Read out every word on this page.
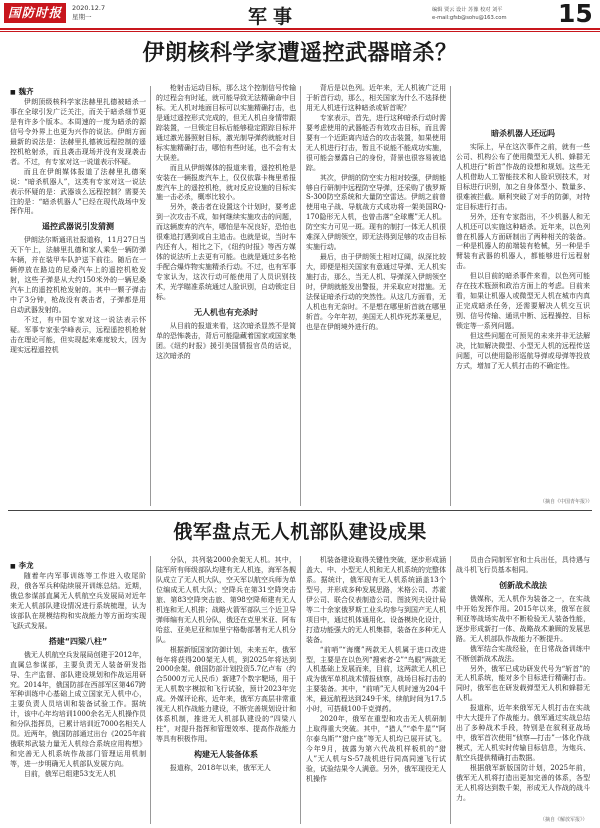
国防时报	2020.12.7
星期一	军事	编辑 贾云 设计 苏豫 校对 刘平
e-mail:gfsb@sohu@163.com	15
伊朗核科学家遭遥控武器暗杀？
■ 魏齐

伊朗顶级核科学家法赫里扎德被暗杀一事在全球引发广泛关注，而关于暗杀细节更是有许多个版本。本周速的一度为暗杀的源信号令外界上也更为兴作的说法。伊朗方面最新的说法是：法赫里扎德被远程控制的遥控机枪射杀，而且袭击现场并没有发现袭击者。不过，有专家对这一说道表示怀疑。

而且在伊朗媒体报道了法赫里扎德案说：“暗杀机器人”，这类有专家对这一说法表示怀疑的是：武器该么远程控制？需要关注的是：“暗杀机器人”已经在现代战场中发挥作用。

遥控武器说引发猜测

伊朗法尔斯通讯社报道称，11月27日当天下午上，法赫里扎德和家人乘坐一辆防弹车辆，并在装甲车队护送下前往。随后在一辆停放在路边的尼桑汽车上的遥控机枪发射，这些子弹是从大约150米外的一辆尼桑汽车上的遥控机枪发射的。其中一颗子弹击中了3分钟，枪战没有袭击者，子弹都是用自动武器发射的。

不过，有中国专家对这一说法表示怀疑。军事专家张学峰表示，远程遥控机枪射击在理论可能，但实现起来难度较大，因为现实远程遥控机

枪射击运动目标，那么这个控制信号传输的过程会有时延，就可能导致无法精确命中目标。无人机对地面目标可以实施精确打击，也是通过遥控形式完成的，但无人机自身情带跟踪装置，一旦锁定目标后能够稳定跟踪目标并通过激光器照射目标，激光制导弹药就能对目标实施精确打击，哪怕有些时延，也不会有太大误差。

而且从伊朗媒体的报道来看，遥控机枪是安装在一辆报废汽车上，仅仅依靠卡梅里希报废汽车上的遥控机枪，就对反应设施的目标实施一击必杀，概率比较小。

另外，袭击者在设置这个计划时，要考虑到一次攻击不成，如何继续实施攻击的问题，而这辆废弃的汽车，哪怕是车况良好，恐怕也很难追打遇到或自主追击。也就是说，当时车内还有人，相比之下，《纽约时报》等西方媒体的说法听上去更有可能。也就是通过多名枪手配合爆炸物实施精杀行动。不过，也有军事专家认为，这次行动可能使用了人员识别技术，光学瞄准系统通过人脸识别，自动锁定目标。

无人机也有充杀时

从目前的报道来看，这次暗杀显然不是简单的恐怖袭击，背后可能隐藏着国家或国家集团。《纽约时报》援引美国情报官员的话说，这次暗杀的

背后是以色列。近年来，无人机被广泛用于斩首行动，那么，相关国家为什么不选择使用无人机进行这种暗杀或斩首呢？

专家表示，首先，进行这种暗杀行动时需要考虑使用的武器能否有效攻击目标，而且需要有一个近距离内适合的攻击装置，如果使用无人机进行打击，暂且不说能不能成功实施，很可能会暴露自己的身份，背景也很容易被追踪。

其次，伊朗的防空实力相对较强，伊朗能够自行研制中远程防空导弹，还采购了俄罗斯S-300防空系统和大量防空雷达。伊朗之前曾使用电子战、导航战方式成功将一架美国RQ-170隐形无人机，也曾击落“全球鹰”无人机。防空实力可见一斑。现有的制打一体无人机很难深入伊朗领空，即无法得到足够的攻击目标实施行动。

最后，由于伊朗领土相对辽阔，纵深比较大，即便是相关国家有意通过导弹、无人机实施打击，那么，当无人机、导弹深入伊朗领空时，伊朗就能发出警报，并采取应对措施。无法保证暗杀行动的突然性。从这几方面看，无人机也有无奈时。不是想在哪里斩首就在哪里斩首。今年年初，美国无人机炸死苏莱曼尼，也是在伊朗境外进行的。

暗杀机器人还远吗

实际上，早在这次事件之前，就有一些公司、机构公布了使用微型无人机、蜂群无人机进行“斩首”作战的设想和规划。这些无人机借助人工智能技术和人脸识别技术，对目标进行识别，加之自身体型小、数量多、很难被拦截。顺利突破了对手的防御，对特定目标进行打击。

另外，还有专家指出，不少机器人和无人机还可以实施这种暗杀。近年来，以色列曾在机器人方面研制出了两种相关的装备。一种是机器人的前端装有枪械，另一种是手臂装有武器的机器人，都能够进行远程射击。

但以目前的暗杀事件来看，以色列可能存在技术瓶颈和政治方面上的考虑。目前来看，如果让机器人或微型无人机在城市内真正完成暗杀任务，还需要解决人机交互识别、信号传输、通讯中断、远程操控、目标锁定等一系列问题。

但这些问题在可预见的未来并非无法解决，比如解决微型、小型无人机的远程传送问题，可以使用隐形巡航导弹或母弹等投放方式，增加了无人机打击的不确定性。

（摘自《中国青年报》）
俄军盘点无人机部队建设成果
■ 李龙

随着年内军事训练等工作进入收尾阶段，俄各军兵种陆续展开训练总结。近期，俄总参谋部直属无人机航空兵发展局对近年来无人机部队建设情况进行系统梳理，认为该部队在规模结构和实战能力等方面均实现飞跃式发展。

搭建“四梁八柱”

俄无人机航空兵发展局创建于2012年，直属总参谋部，主要负责无人装备研发指导、生产监督、部队建设规划和作战运用研究。2014年，俄国防部在西部军区第467跨军种训练中心基础上成立国家无人机中心，主要负责人员培训和装备试验工作。据统计，该中心年均培训1000余名无人机操作员和分队指挥员，已累计培训近7000名相关人员。近两年，俄国防部通过出台《2025年前俄联邦武装力量无人机综合系统应用构想》和完善无人机系统作战部门管理运用机制等，进一步明确无人机部队发展方向。

目前，俄军已组建53支无人机

分队，共列装2000余架无人机。其中，陆军所有师级部队均建有无人机连，海军各舰队成立了无人机大队，空天军以航空兵师为单位编成无人机大队；空降兵在第31空降突击旅、第83空降突击旅、第98空降师建有无人机连和无人机排；战略火箭军部队三个近卫导弹师编有无人机分队，俄还在克里米亚、阿布哈兹、亚美尼亚和加里宁格勒部署有无人机分队。

根据新版国家防御计划，未来五年，俄军每年将获得200架无人机，到2025年将达到2000余架。俄国防部计划投资5.7亿卢布（约合5000万元人民币）新建7个数字靶场，用于无人机数字模拟和飞行试验，预计2023年完成。外媒评论称，近年来，俄军方高层非常重视无人机作战能力建设，不断完善规划设计和体系机制，推进无人机部队建设的“四梁八柱”，对提升指挥和管理效率、提高作战能力等具有积极作用。

构建无人装备体系

报道称，2018年以来，俄军无人

机装备建设取得关键性突破，逐步形成涵盖大、中、小型无人机和无人机系统的完整体系。据统计，俄军现有无人机系统涵盖13个型号，并形成多种发展思路，米格公司、苏霍伊公司、联合仪表制造公司、图波列夫设计局等二十余家俄罗斯工业头均参与到国产无人机项目中，通过机体通用化、设备模块化设计，打造功能强大的无人机集群，装备在多种无人装备。

“前哨”“海鹰”两款无人机属于进口改进型，主要是在以色列“搜索者-2”“鸟眼”两款无人机基础上发展而来，目前，这两款无人机已成为俄军单机战术情报侦察，战场目标打击的主要装备。其中，“前哨”无人机时速为204千米，最远航程达到249千米，续航时间为17.5小时，可搭载100千克弹药。

2020年，俄军在重型和攻击无人机研制上取得重大突破。其中，“猎人”“牵牛星”“阿尔泰乌斯”“猎户座”等无人机均已展开试飞。今年9月，披露为第六代战机样板机的“猎人”无人机与S-57战机进行同高同速飞行试验，试验结果令人满意。另外，俄军现役无人机操作

员由合同制军官和士兵出任，具待遇与战斗机飞行员基本相同。

创新战术战法

俄媒称，无人机作为装备之一，在实战中开始发挥作用。2015年以来，俄军在叙利亚等战场实战中不断检验无人装备性能，逐步形成新打一体、战略战术兼顾的发展思路。无人机部队作战能力不断提升。

俄军结合实战经验，在日常战备训练中不断创新战术战法。

另外，俄军已成功研发代号为“斩首”的无人机系统，能对多个目标进行精确打击。同时，俄军也在研发载弹型无人机和蜂群无人机。

报道称，近年来俄军无人机打击在实战中大大提升了作战能力。俄军通过实战总结出了多种战术手段，特别是在叙利亚战场中，俄军首次使用“侦察—打击”一体化作战模式，无人机实时传输目标信息，为炮兵、航空兵提供精确打击数据。

根据俄军新版国防计划，2025年前，俄军无人机将打造出更加完善的体系，各型无人机将达到数千架，形成无人作战的战斗力。

（摘自《解放军报》）
